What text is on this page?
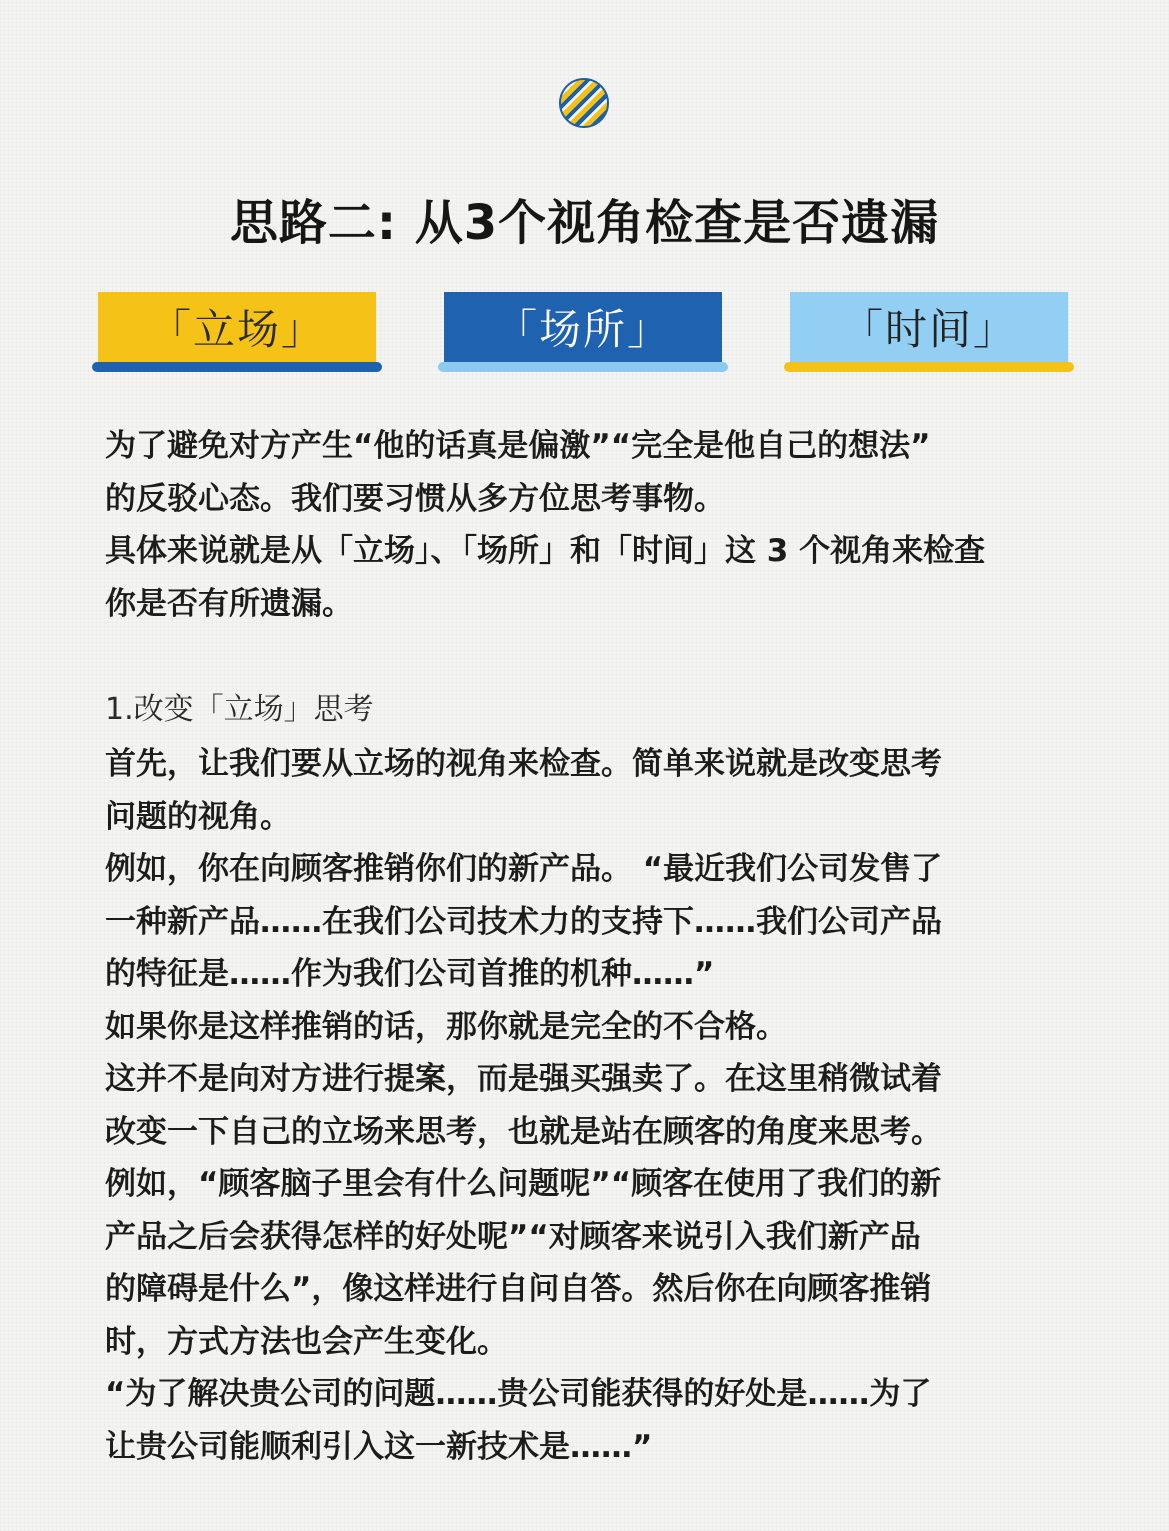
思路二: 从3个视角检查是否遗漏
「立场」	「场所」	「时间」

为了避免对方产生“他的话真是偏激”“完全是他自己的想法”
的反驳心态。我们要习惯从多方位思考事物。
具体来说就是从「立场」、「场所」和「时间」这 3 个视角来检查
你是否有所遗漏。

1.改变「立场」思考

首先，让我们要从立场的视角来检查。简单来说就是改变思考
问题的视角。
例如，你在向顾客推销你们的新产品。 “最近我们公司发售了
一种新产品……在我们公司技术力的支持下……我们公司产品
的特征是……作为我们公司首推的机种……”
如果你是这样推销的话，那你就是完全的不合格。
这并不是向对方进行提案，而是强买强卖了。在这里稍微试着
改变一下自己的立场来思考，也就是站在顾客的角度来思考。
例如，“顾客脑子里会有什么问题呢”“顾客在使用了我们的新
产品之后会获得怎样的好处呢”“对顾客来说引入我们新产品
的障碍是什么”，像这样进行自问自答。然后你在向顾客推销
时，方式方法也会产生变化。
“为了解决贵公司的问题……贵公司能获得的好处是……为了
让贵公司能顺利引入这一新技术是……”
